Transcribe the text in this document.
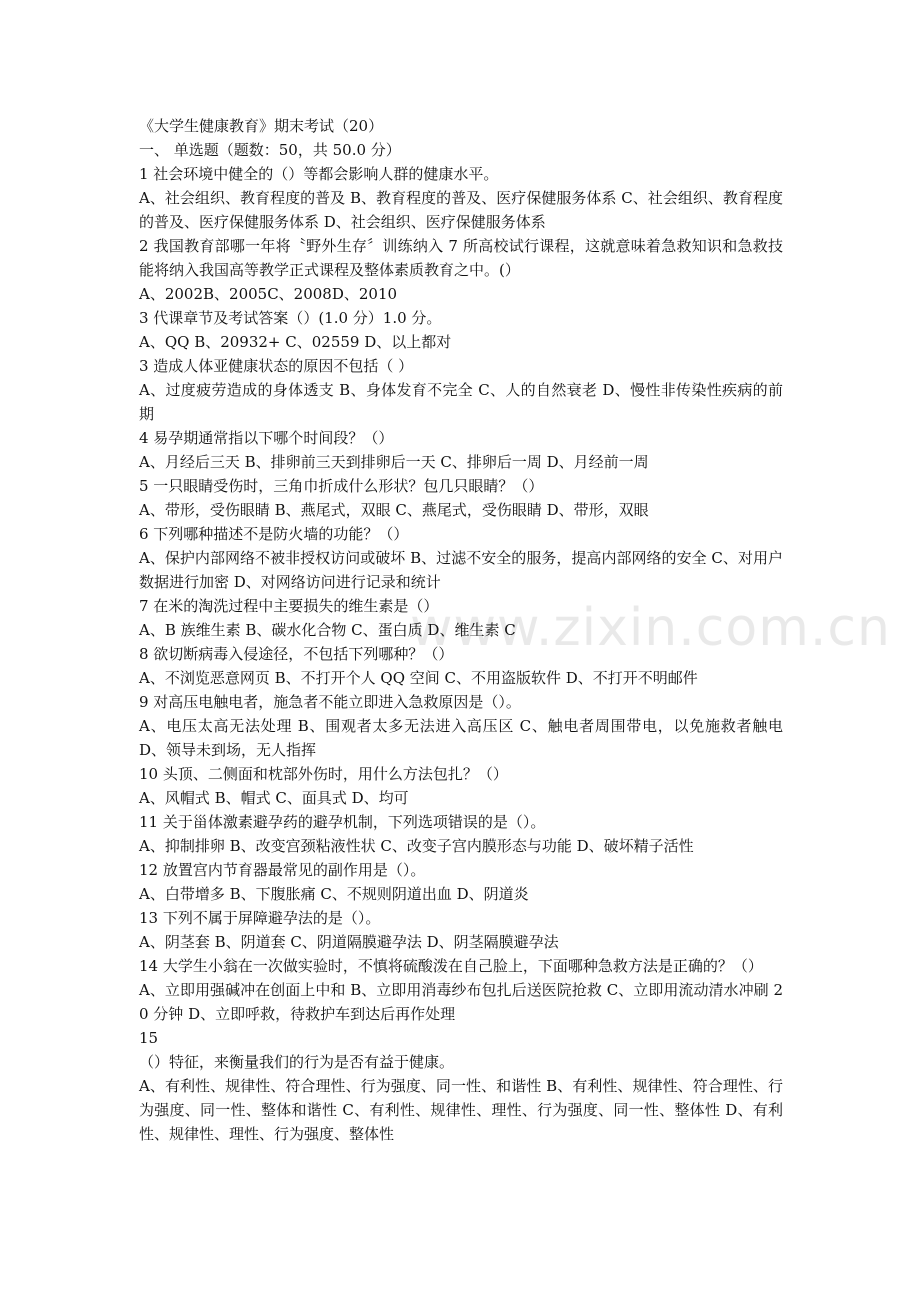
www.zixin.com.cn

《大学生健康教育》期末考试（20）

一、 单选题（题数：50，共 50.0 分）

1 社会环境中健全的（）等都会影响人群的健康水平。

A、社会组织、教育程度的普及 B、教育程度的普及、医疗保健服务体系 C、社会组织、教育程度的普及、医疗保健服务体系 D、社会组织、医疗保健服务体系

2 我国教育部哪一年将〝野外生存〞训练纳入 7 所高校试行课程，这就意味着急救知识和急救技能将纳入我国高等教学正式课程及整体素质教育之中。(）

A、2002B、2005C、2008D、2010

3 代课章节及考试答案（）(1.0 分）1.0 分。

A、QQ B、20932+ C、02559 D、以上都对

3 造成人体亚健康状态的原因不包括（ ）

A、过度疲劳造成的身体透支 B、身体发育不完全 C、人的自然衰老 D、慢性非传染性疾病的前期

4 易孕期通常指以下哪个时间段？（）

A、月经后三天 B、排卵前三天到排卵后一天 C、排卵后一周 D、月经前一周

5 一只眼睛受伤时，三角巾折成什么形状？包几只眼睛？（）

A、带形，受伤眼睛 B、燕尾式，双眼 C、燕尾式，受伤眼睛 D、带形，双眼

6 下列哪种描述不是防火墙的功能？（）

A、保护内部网络不被非授权访问或破坏 B、过滤不安全的服务，提高内部网络的安全 C、对用户数据进行加密 D、对网络访问进行记录和统计

7 在米的淘洗过程中主要损失的维生素是（）

A、B 族维生素 B、碳水化合物 C、蛋白质 D、维生素 C

8 欲切断病毒入侵途径，不包括下列哪种？（）

A、不浏览恶意网页 B、不打开个人 QQ 空间 C、不用盗版软件 D、不打开不明邮件

9 对高压电触电者，施急者不能立即进入急救原因是（）。

A、电压太高无法处理 B、围观者太多无法进入高压区 C、触电者周围带电，以免施救者触电 D、领导未到场，无人指挥

10 头顶、二侧面和枕部外伤时，用什么方法包扎？（）

A、风帽式 B、帽式 C、面具式 D、均可

11 关于甾体激素避孕药的避孕机制，下列选项错误的是（）。

A、抑制排卵 B、改变宫颈粘液性状 C、改变子宫内膜形态与功能 D、破坏精子活性

12 放置宫内节育器最常见的副作用是（）。

A、白带增多 B、下腹胀痛 C、不规则阴道出血 D、阴道炎

13 下列不属于屏障避孕法的是（）。

A、阴茎套 B、阴道套 C、阴道隔膜避孕法 D、阴茎隔膜避孕法

14 大学生小翁在一次做实验时，不慎将硫酸泼在自己脸上，下面哪种急救方法是正确的？（）

A、立即用强碱冲在创面上中和 B、立即用消毒纱布包扎后送医院抢救 C、立即用流动清水冲刷 20 分钟 D、立即呼救，待救护车到达后再作处理

15

（）特征，来衡量我们的行为是否有益于健康。

A、有利性、规律性、符合理性、行为强度、同一性、和谐性 B、有利性、规律性、符合理性、行为强度、同一性、整体和谐性 C、有利性、规律性、理性、行为强度、同一性、整体性 D、有利性、规律性、理性、行为强度、整体性
